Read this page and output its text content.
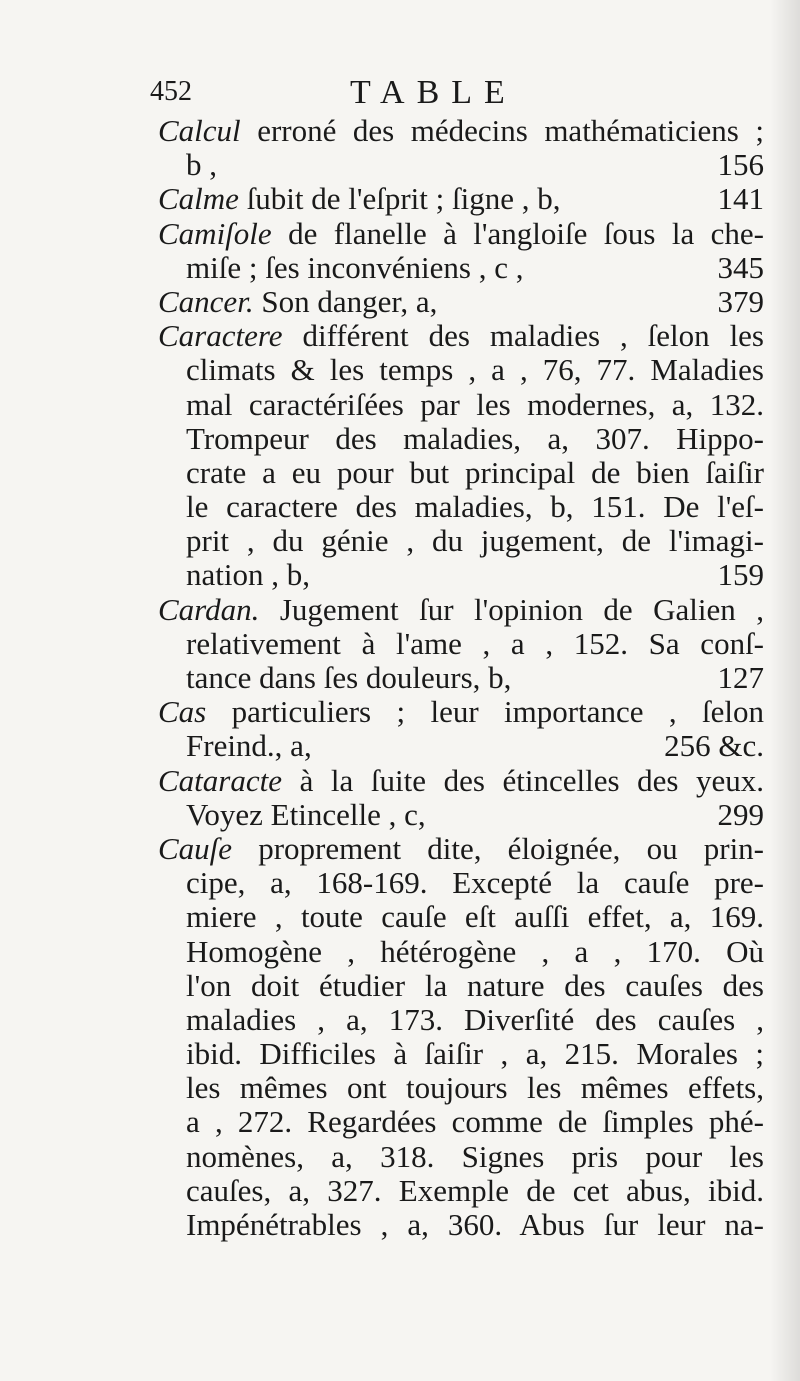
452	TABLE
Calcul erroné des médecins mathématiciens ;
b ,	156
Calme ſubit de l'eſprit ; ſigne , b,	141
Camiſole de flanelle à l'angloiſe ſous la che-
miſe ; ſes inconvéniens , c ,	345
Cancer. Son danger, a,	379
Caractere différent des maladies , ſelon les
climats & les temps , a , 76, 77. Maladies
mal caractériſées par les modernes, a, 132.
Trompeur des maladies, a, 307. Hippo-
crate a eu pour but principal de bien ſaiſir
le caractere des maladies, b, 151. De l'eſ-
prit , du génie , du jugement, de l'imagi-
nation , b,	159
Cardan. Jugement ſur l'opinion de Galien ,
relativement à l'ame , a , 152. Sa conſ-
tance dans ſes douleurs, b,	127
Cas particuliers ; leur importance , ſelon
Freind., a,	256 &c.
Cataracte à la ſuite des étincelles des yeux.
Voyez Etincelle , c,	299
Cauſe proprement dite, éloignée, ou prin-
cipe, a, 168-169. Excepté la cauſe pre-
miere , toute cauſe eſt auſſi effet, a, 169.
Homogène , hétérogène , a , 170. Où
l'on doit étudier la nature des cauſes des
maladies , a, 173. Diverſité des cauſes ,
ibid. Difficiles à ſaiſir , a, 215. Morales ;
les mêmes ont toujours les mêmes effets,
a , 272. Regardées comme de ſimples phé-
nomènes, a, 318. Signes pris pour les
cauſes, a, 327. Exemple de cet abus, ibid.
Impénétrables , a, 360. Abus ſur leur na-
